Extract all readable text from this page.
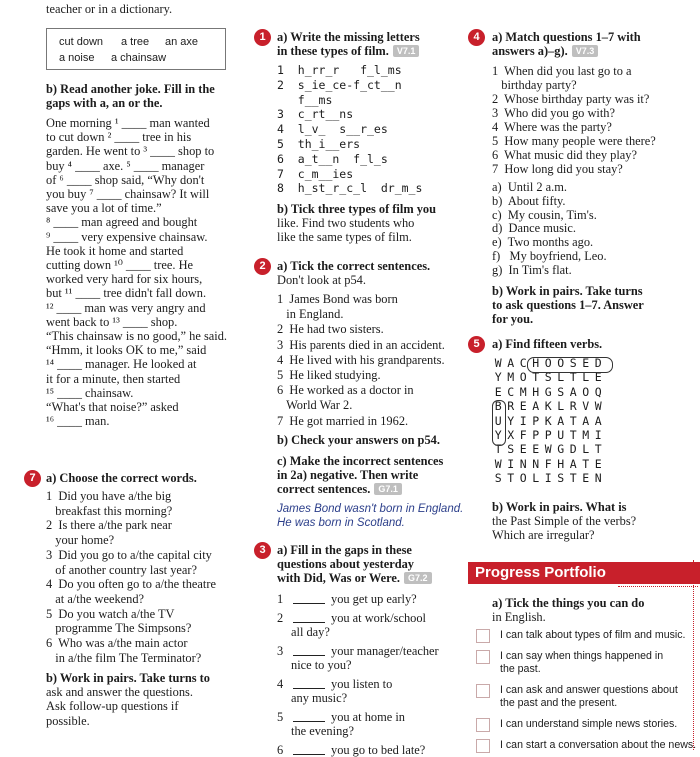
teacher or in a dictionary.
cut down a tree an axe
a noise a chainsaw
b) Read another joke. Fill in the
gaps with a, an or the.
One morning ¹ ____ man wanted
to cut down ² ____ tree in his
garden. He went to ³ ____ shop to
buy ⁴ ____ axe. ⁵ ____ manager
of ⁶ ____ shop said, “Why don't
you buy ⁷ ____ chainsaw? It will
save you a lot of time.”
⁸ ____ man agreed and bought
⁹ ____ very expensive chainsaw.
He took it home and started
cutting down ¹⁰ ____ tree. He
worked very hard for six hours,
but ¹¹ ____ tree didn't fall down.
¹² ____ man was very angry and
went back to ¹³ ____ shop.
“This chainsaw is no good,” he said.
“Hmm, it looks OK to me,” said
¹⁴ ____ manager. He looked at
it for a minute, then started
¹⁵ ____ chainsaw.
“What's that noise?” asked
¹⁶ ____ man.
7 a) Choose the correct words.
1  Did you have a/the big
breakfast this morning?
2  Is there a/the park near
your home?
3  Did you go to a/the capital city
of another country last year?
4  Do you often go to a/the theatre
at a/the weekend?
5  Do you watch a/the TV
programme The Simpsons?
6  Who was a/the main actor
in a/the film The Terminator?
b) Work in pairs. Take turns to
ask and answer the questions.
Ask follow-up questions if
possible.
1 a) Write the missing letters
in these types of film. V7.1
1  h_rr_r   f_l_ms
2  s_ie_ce-f_ct__n
f__ms
3  c_rt__ns
4  l_v_  s__r_es
5  th_i__ers
6  a_t__n  f_l_s
7  c_m__ies
8  h_st_r_c_l  dr_m_s
b) Tick three types of film you
like. Find two students who
like the same types of film.
2 a) Tick the correct sentences.
Don't look at p54.
1  James Bond was born
in England.
2  He had two sisters.
3  His parents died in an accident.
4  He lived with his grandparents.
5  He liked studying.
6  He worked as a doctor in
World War 2.
7  He got married in 1962.
b) Check your answers on p54.
c) Make the incorrect sentences
in 2a) negative. Then write
correct sentences. G7.1
James Bond wasn't born in England.
He was born in Scotland.
3 a) Fill in the gaps in these
questions about yesterday
with Did, Was or Were. G7.2
1	you get up early?
2	you at work/school
all day?
3	your manager/teacher
nice to you?
4	you listen to
any music?
5	you at home in
the evening?
6	you go to bed late?
4	a) Match questions 1–7 with
answers a)–g). V7.3
1  When did you last go to a
birthday party?
2  Whose birthday party was it?
3  Who did you go with?
4  Where was the party?
5  How many people were there?
6  What music did they play?
7  How long did you stay?
a)  Until 2 a.m.
b)  About fifty.
c)  My cousin, Tim's.
d)  Dance music.
e)  Two months ago.
f)   My boyfriend, Leo.
g)  In Tim's flat.
b) Work in pairs. Take turns
to ask questions 1–7. Answer
for you.
5	a) Find fifteen verbs.
W A C H O O S E D
Y M O T S L T L E
E C M H G S A O Q
B R E A K L R V W
U Y I P K A T A A
Y X F P P U T M I
T S E E W G D L T
W I N N F H A T E
S T O L I S T E N
b) Work in pairs. What is
the Past Simple of the verbs?
Which are irregular?
Progress Portfolio
a) Tick the things you can do
in English.
I can talk about types of film and music.
I can say when things happened in
the past.
I can ask and answer questions about
the past and the present.
I can understand simple news stories.
I can start a conversation about the news.
